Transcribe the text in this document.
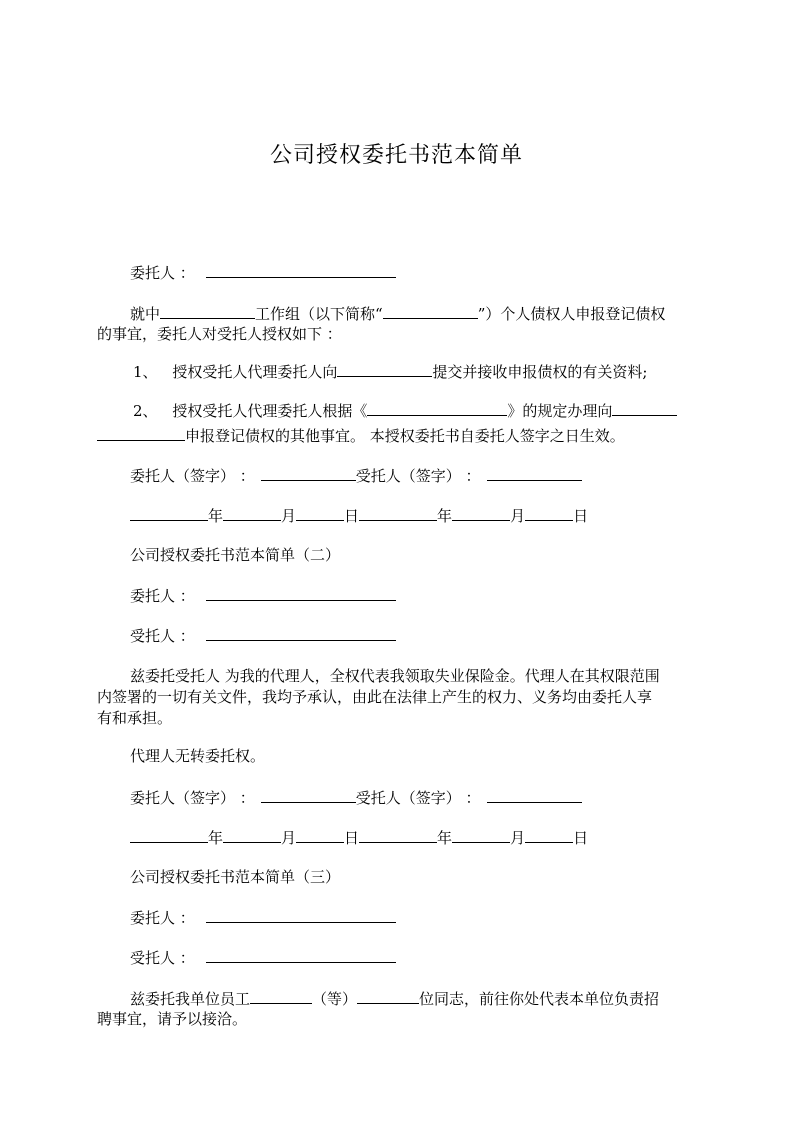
公司授权委托书范本简单
委托人 ：
就中	工作组（以下简称“	”）个人债权人申报登记债权
的事宜，委托人对受托人授权如下 ：
1、 授权受托人代理委托人向	提交并接收申报债权的有关资料;
2、 授权受托人代理委托人根据《	》的规定办理向
申报登记债权的其他事宜。 本授权委托书自委托人签字之日生效。
委托人（签字） ：	受托人（签字） ：
年	月	日	年	月	日
公司授权委托书范本简单（二）
委托人 ：
受托人 ：
兹委托受托人 为我的代理人，全权代表我领取失业保险金。代理人在其权限范围
内签署的一切有关文件，我均予承认，由此在法律上产生的权力、义务均由委托人享
有和承担。
代理人无转委托权。
委托人（签字） ：	受托人（签字） ：
年	月	日	年	月	日
公司授权委托书范本简单（三）
委托人 ：
受托人 ：
兹委托我单位员工	（等）	位同志，前往你处代表本单位负责招
聘事宜，请予以接洽。
